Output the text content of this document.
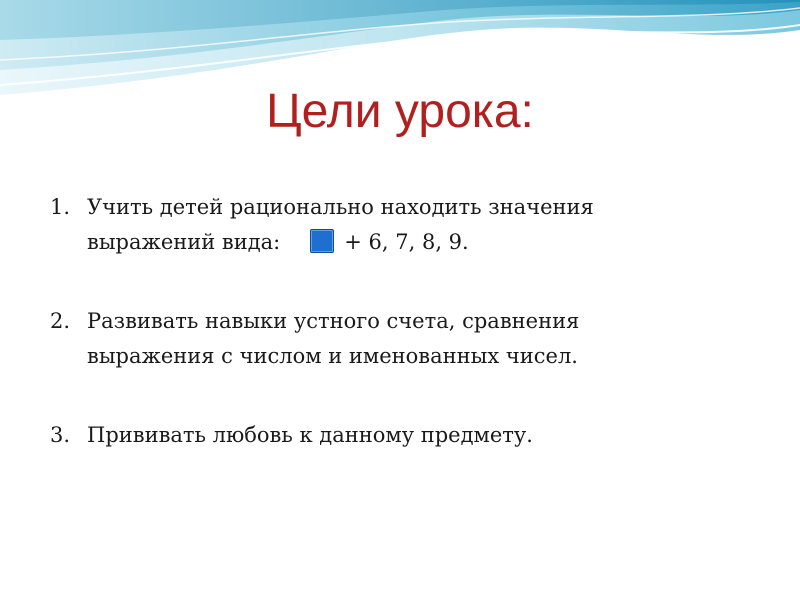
Цели урока:
1. Учить детей рационально находить значения
выражений вида:	+ 6, 7, 8, 9.
2. Развивать навыки устного счета, сравнения
выражения с числом и именованных чисел.
3. Прививать любовь к данному предмету.
